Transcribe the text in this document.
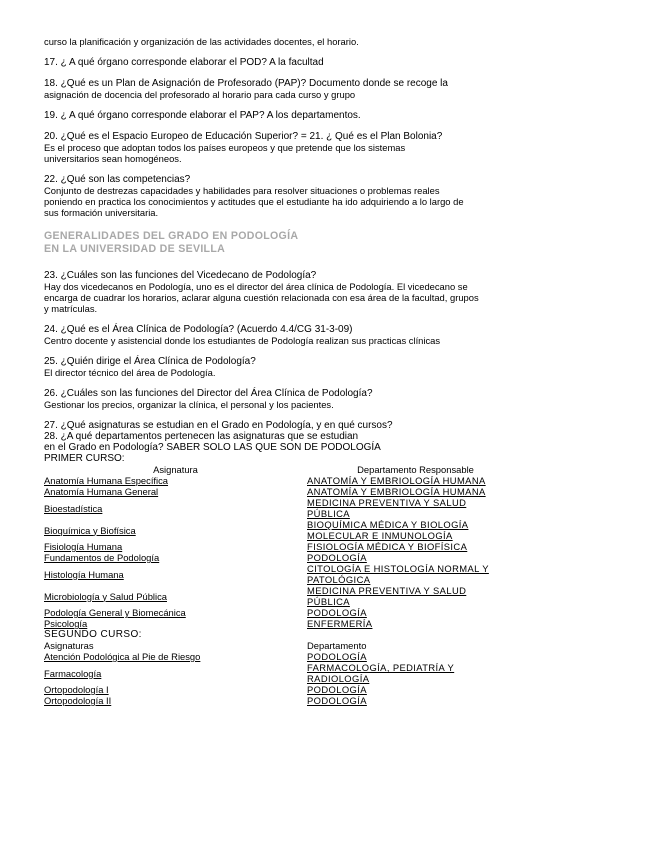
curso la planificación y organización de las actividades docentes, el horario.

17. ¿ A qué órgano corresponde elaborar el POD? A la facultad

18. ¿Qué es un Plan de Asignación de Profesorado (PAP)? Documento donde se recoge la
asignación de docencia del profesorado al horario para cada curso y grupo

19. ¿ A qué órgano corresponde elaborar el PAP? A los departamentos.

20. ¿Qué es el Espacio Europeo de Educación Superior? = 21. ¿ Qué es el Plan Bolonia?
Es el proceso que adoptan todos los países europeos y que pretende que los sistemas
universitarios sean homogéneos.
22. ¿Qué son las competencias?
Conjunto de destrezas capacidades y habilidades para resolver situaciones o problemas reales
poniendo en practica los conocimientos y actitudes que el estudiante ha ido adquiriendo a lo largo de
sus formación universitaria.
GENERALIDADES DEL GRADO EN PODOLOGÍA
EN LA UNIVERSIDAD DE SEVILLA
23. ¿Cuáles son las funciones del Vicedecano de Podología?
Hay dos vicedecanos en Podología, uno es el director del área clínica de Podología. El vicedecano se
encarga de cuadrar los horarios, aclarar alguna cuestión relacionada con esa área de la facultad, grupos
y matrículas.
24. ¿Qué es el Área Clínica de Podología? (Acuerdo 4.4/CG 31-3-09)
Centro docente y asistencial donde los estudiantes de Podología realizan sus practicas clínicas
25. ¿Quién dirige el Área Clínica de Podología?
El director técnico del área de Podología.
26. ¿Cuáles son las funciones del Director del Área Clínica de Podología?
Gestionar los precios, organizar la clínica, el personal y los pacientes.
27. ¿Qué asignaturas se estudian en el Grado en Podología, y en qué cursos?
28. ¿A qué departamentos pertenecen las asignaturas que se estudian
en el Grado en Podología? SABER SOLO LAS QUE SON DE PODOLOGÍA
PRIMER CURSO:
Asignatura	Departamento Responsable
Anatomía Humana Específica	ANATOMÍA Y EMBRIOLOGÍA HUMANA
Anatomía Humana General	ANATOMÍA Y EMBRIOLOGÍA HUMANA
Bioestadística	MEDICINA PREVENTIVA Y SALUD
PÚBLICA
Bioquímica y Biofísica	BIOQUÍMICA MÉDICA Y BIOLOGÍA
MOLECULAR E INMUNOLOGÍA
Fisiología Humana	FISIOLOGÍA MÉDICA Y BIOFÍSICA
Fundamentos de Podología	PODOLOGÍA
Histología Humana	CITOLOGÍA E HISTOLOGÍA NORMAL Y
PATOLÓGICA
Microbiología y Salud Pública	MEDICINA PREVENTIVA Y SALUD
PÚBLICA
Podología General y Biomecánica	PODOLOGÍA
Psicología	ENFERMERÍA

SEGUNDO CURSO:

Asignaturas	Departamento
Atención Podológica al Pie de Riesgo	PODOLOGÍA
Farmacología	FARMACOLOGÍA, PEDIATRÍA Y
RADIOLOGÍA
Ortopodología I	PODOLOGÍA
Ortopodología II	PODOLOGÍA
